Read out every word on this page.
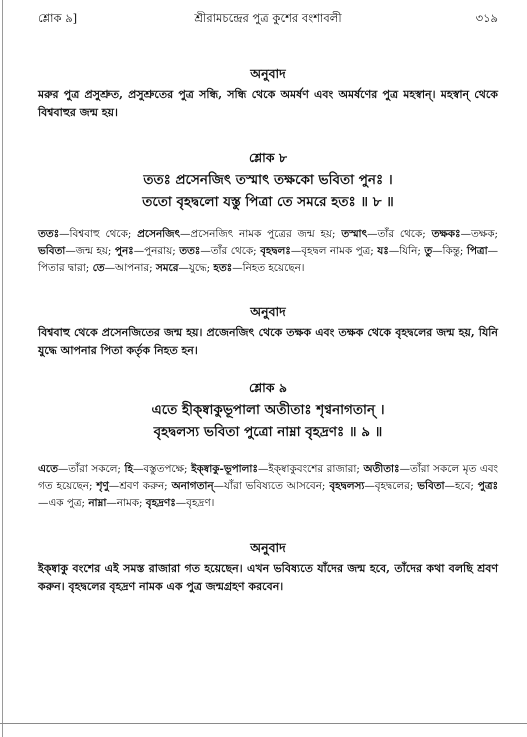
শ্লোক ৯]	শ্রীরামচন্দ্রের পুত্র কুশের বংশাবলী	৩১৯
অনুবাদ
মরুর পুত্র প্রসুশ্রুত, প্রসুশ্রুতের পুত্র সন্ধি, সন্ধি থেকে অমর্ষণ এবং অমর্ষণের পুত্র মহস্বান্। মহস্বান্ থেকে বিশ্ববাহুর জন্ম হয়।
শ্লোক ৮
ততঃ প্রসেনজিৎ তস্মাৎ তক্ষকো ভবিতা পুনঃ ।
ততো বৃহদ্বলো যস্তু পিত্রা তে সমরে হতঃ ॥ ৮ ॥
ততঃ—বিশ্ববাহু থেকে; প্রসেনজিৎ—প্রসেনজিৎ নামক পুত্রের জন্ম হয়; তস্মাৎ—তাঁর থেকে; তক্ষকঃ—তক্ষক; ভবিতা—জন্ম হয়; পুনঃ—পুনরায়; ততঃ—তাঁর থেকে; বৃহদ্বলঃ—বৃহদ্বল নামক পুত্র; যঃ—যিনি; তু—কিন্তু; পিত্রা—পিতার দ্বারা; তে—আপনার; সমরে—যুদ্ধে; হতঃ—নিহত হয়েছেন।
অনুবাদ
বিশ্ববাহু থেকে প্রসেনজিতের জন্ম হয়। প্রজেনজিৎ থেকে তক্ষক এবং তক্ষক থেকে বৃহদ্বলের জন্ম হয়, যিনি যুদ্ধে আপনার পিতা কর্তৃক নিহত হন।
শ্লোক ৯
এতে হীক্ষ্বাকুভূপালা অতীতাঃ শৃণ্বনাগতান্ ।
বৃহদ্বলস্য ভবিতা পুত্রো নাম্না বৃহদ্রণঃ ॥ ৯ ॥
এতে—তাঁরা সকলে; হি—বস্তুতপক্ষে; ইক্ষ্বাকু-ভূপালাঃ—ইক্ষ্বাকুবংশের রাজারা; অতীতাঃ—তাঁরা সকলে মৃত এবং গত হয়েছেন; শৃণু—শ্রবণ করুন; অনাগতান্—যাঁরা ভবিষ্যতে আসবেন; বৃহদ্বলস্য—বৃহদ্বলের; ভবিতা—হবে; পুত্রঃ—এক পুত্র; নাম্না—নামক; বৃহদ্রণঃ—বৃহদ্রণ।
অনুবাদ
ইক্ষ্বাকু বংশের এই সমস্ত রাজারা গত হয়েছেন। এখন ভবিষ্যতে যাঁদের জন্ম হবে, তাঁদের কথা বলছি শ্রবণ করুন। বৃহদ্বলের বৃহদ্রণ নামক এক পুত্র জন্মগ্রহণ করবেন।
